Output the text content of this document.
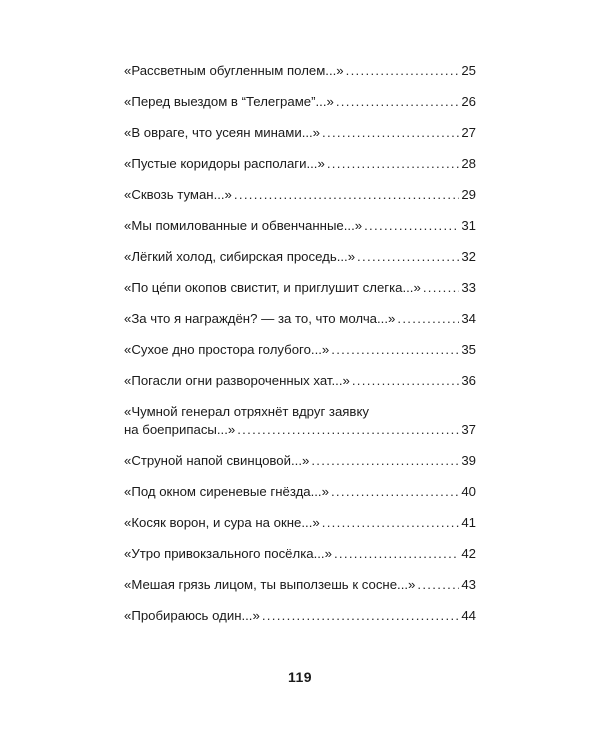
«Рассветным обугленным полем...» .....	25
«Перед выездом в “Телеграме”...» .....	26
«В овраге, что усеян минами...» .....	27
«Пустые коридоры располаги...» .....	28
«Сквозь туман...» .....	29
«Мы помилованные и обвенчанные...» .....	31
«Лёгкий холод, сибирская проседь...» .....	32
«По це́пи окопов свистит, и приглушит слегка...» .....	33
«За что я награждён? — за то, что молча...» .....	34
«Сухое дно простора голубого...» .....	35
«Погасли огни развороченных хат...» .....	36
«Чумной генерал отряхнёт вдруг заявку
на боеприпасы...» .....	37
«Струной напой свинцовой...» .....	39
«Под окном сиреневые гнёзда...» .....	40
«Косяк ворон, и сура на окне...» .....	41
«Утро привокзального посёлка...» .....	42
«Мешая грязь лицом, ты выползешь к сосне...» .....	43
«Пробираюсь один...» .....	44
119
